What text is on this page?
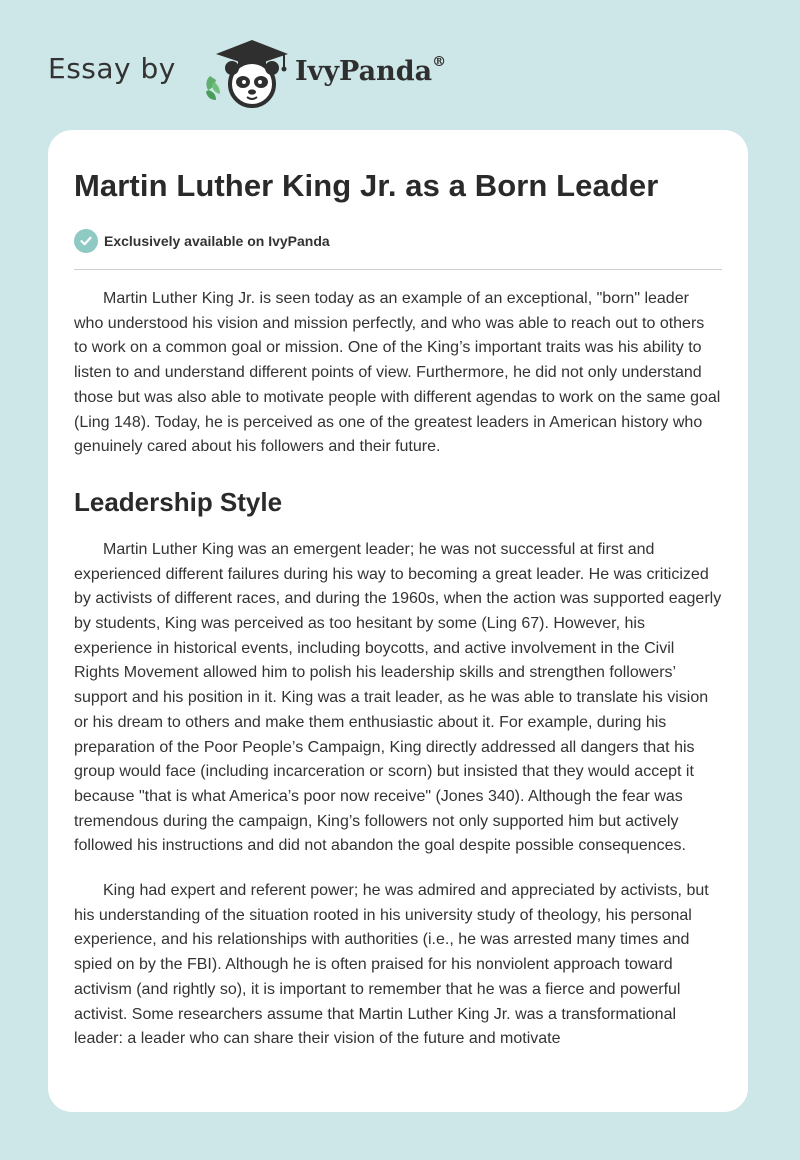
Essay by	IvyPanda®
Martin Luther King Jr. as a Born Leader
Exclusively available on IvyPanda

Martin Luther King Jr. is seen today as an example of an exceptional, "born" leader who understood his vision and mission perfectly, and who was able to reach out to others to work on a common goal or mission. One of the King’s important traits was his ability to listen to and understand different points of view. Furthermore, he did not only understand those but was also able to motivate people with different agendas to work on the same goal (Ling 148). Today, he is perceived as one of the greatest leaders in American history who genuinely cared about his followers and their future.

Leadership Style

Martin Luther King was an emergent leader; he was not successful at first and experienced different failures during his way to becoming a great leader. He was criticized by activists of different races, and during the 1960s, when the action was supported eagerly by students, King was perceived as too hesitant by some (Ling 67). However, his experience in historical events, including boycotts, and active involvement in the Civil Rights Movement allowed him to polish his leadership skills and strengthen followers’ support and his position in it. King was a trait leader, as he was able to translate his vision or his dream to others and make them enthusiastic about it. For example, during his preparation of the Poor People’s Campaign, King directly addressed all dangers that his group would face (including incarceration or scorn) but insisted that they would accept it because "that is what America’s poor now receive" (Jones 340). Although the fear was tremendous during the campaign, King’s followers not only supported him but actively followed his instructions and did not abandon the goal despite possible consequences.

King had expert and referent power; he was admired and appreciated by activists, but his understanding of the situation rooted in his university study of theology, his personal experience, and his relationships with authorities (i.e., he was arrested many times and spied on by the FBI). Although he is often praised for his nonviolent approach toward activism (and rightly so), it is important to remember that he was a fierce and powerful activist. Some researchers assume that Martin Luther King Jr. was a transformational leader: a leader who can share their vision of the future and motivate
